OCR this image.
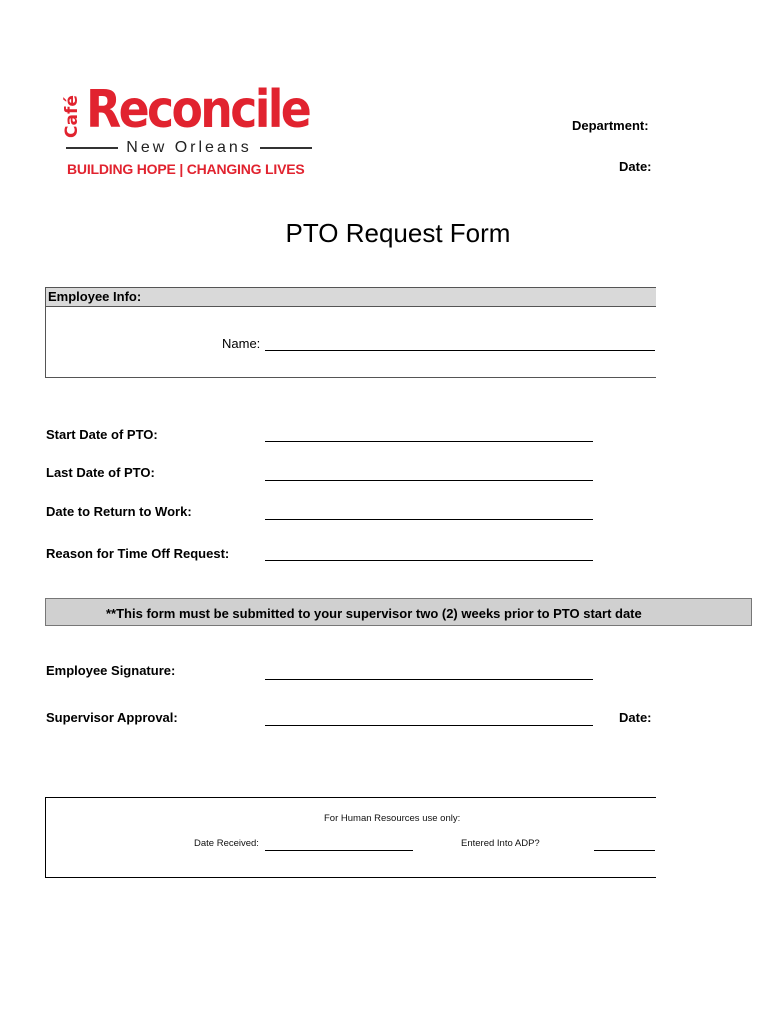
Café Reconcile
New Orleans
BUILDING HOPE | CHANGING LIVES
Department:
Date:
PTO Request Form
Employee Info:
Name:
Start Date of PTO:
Last Date of PTO:
Date to Return to Work:
Reason for Time Off Request:
**This form must be submitted to your supervisor two (2) weeks prior to PTO start date
Employee Signature:
Supervisor Approval:	Date:
For Human Resources use only:
Date Received:	Entered Into ADP?
